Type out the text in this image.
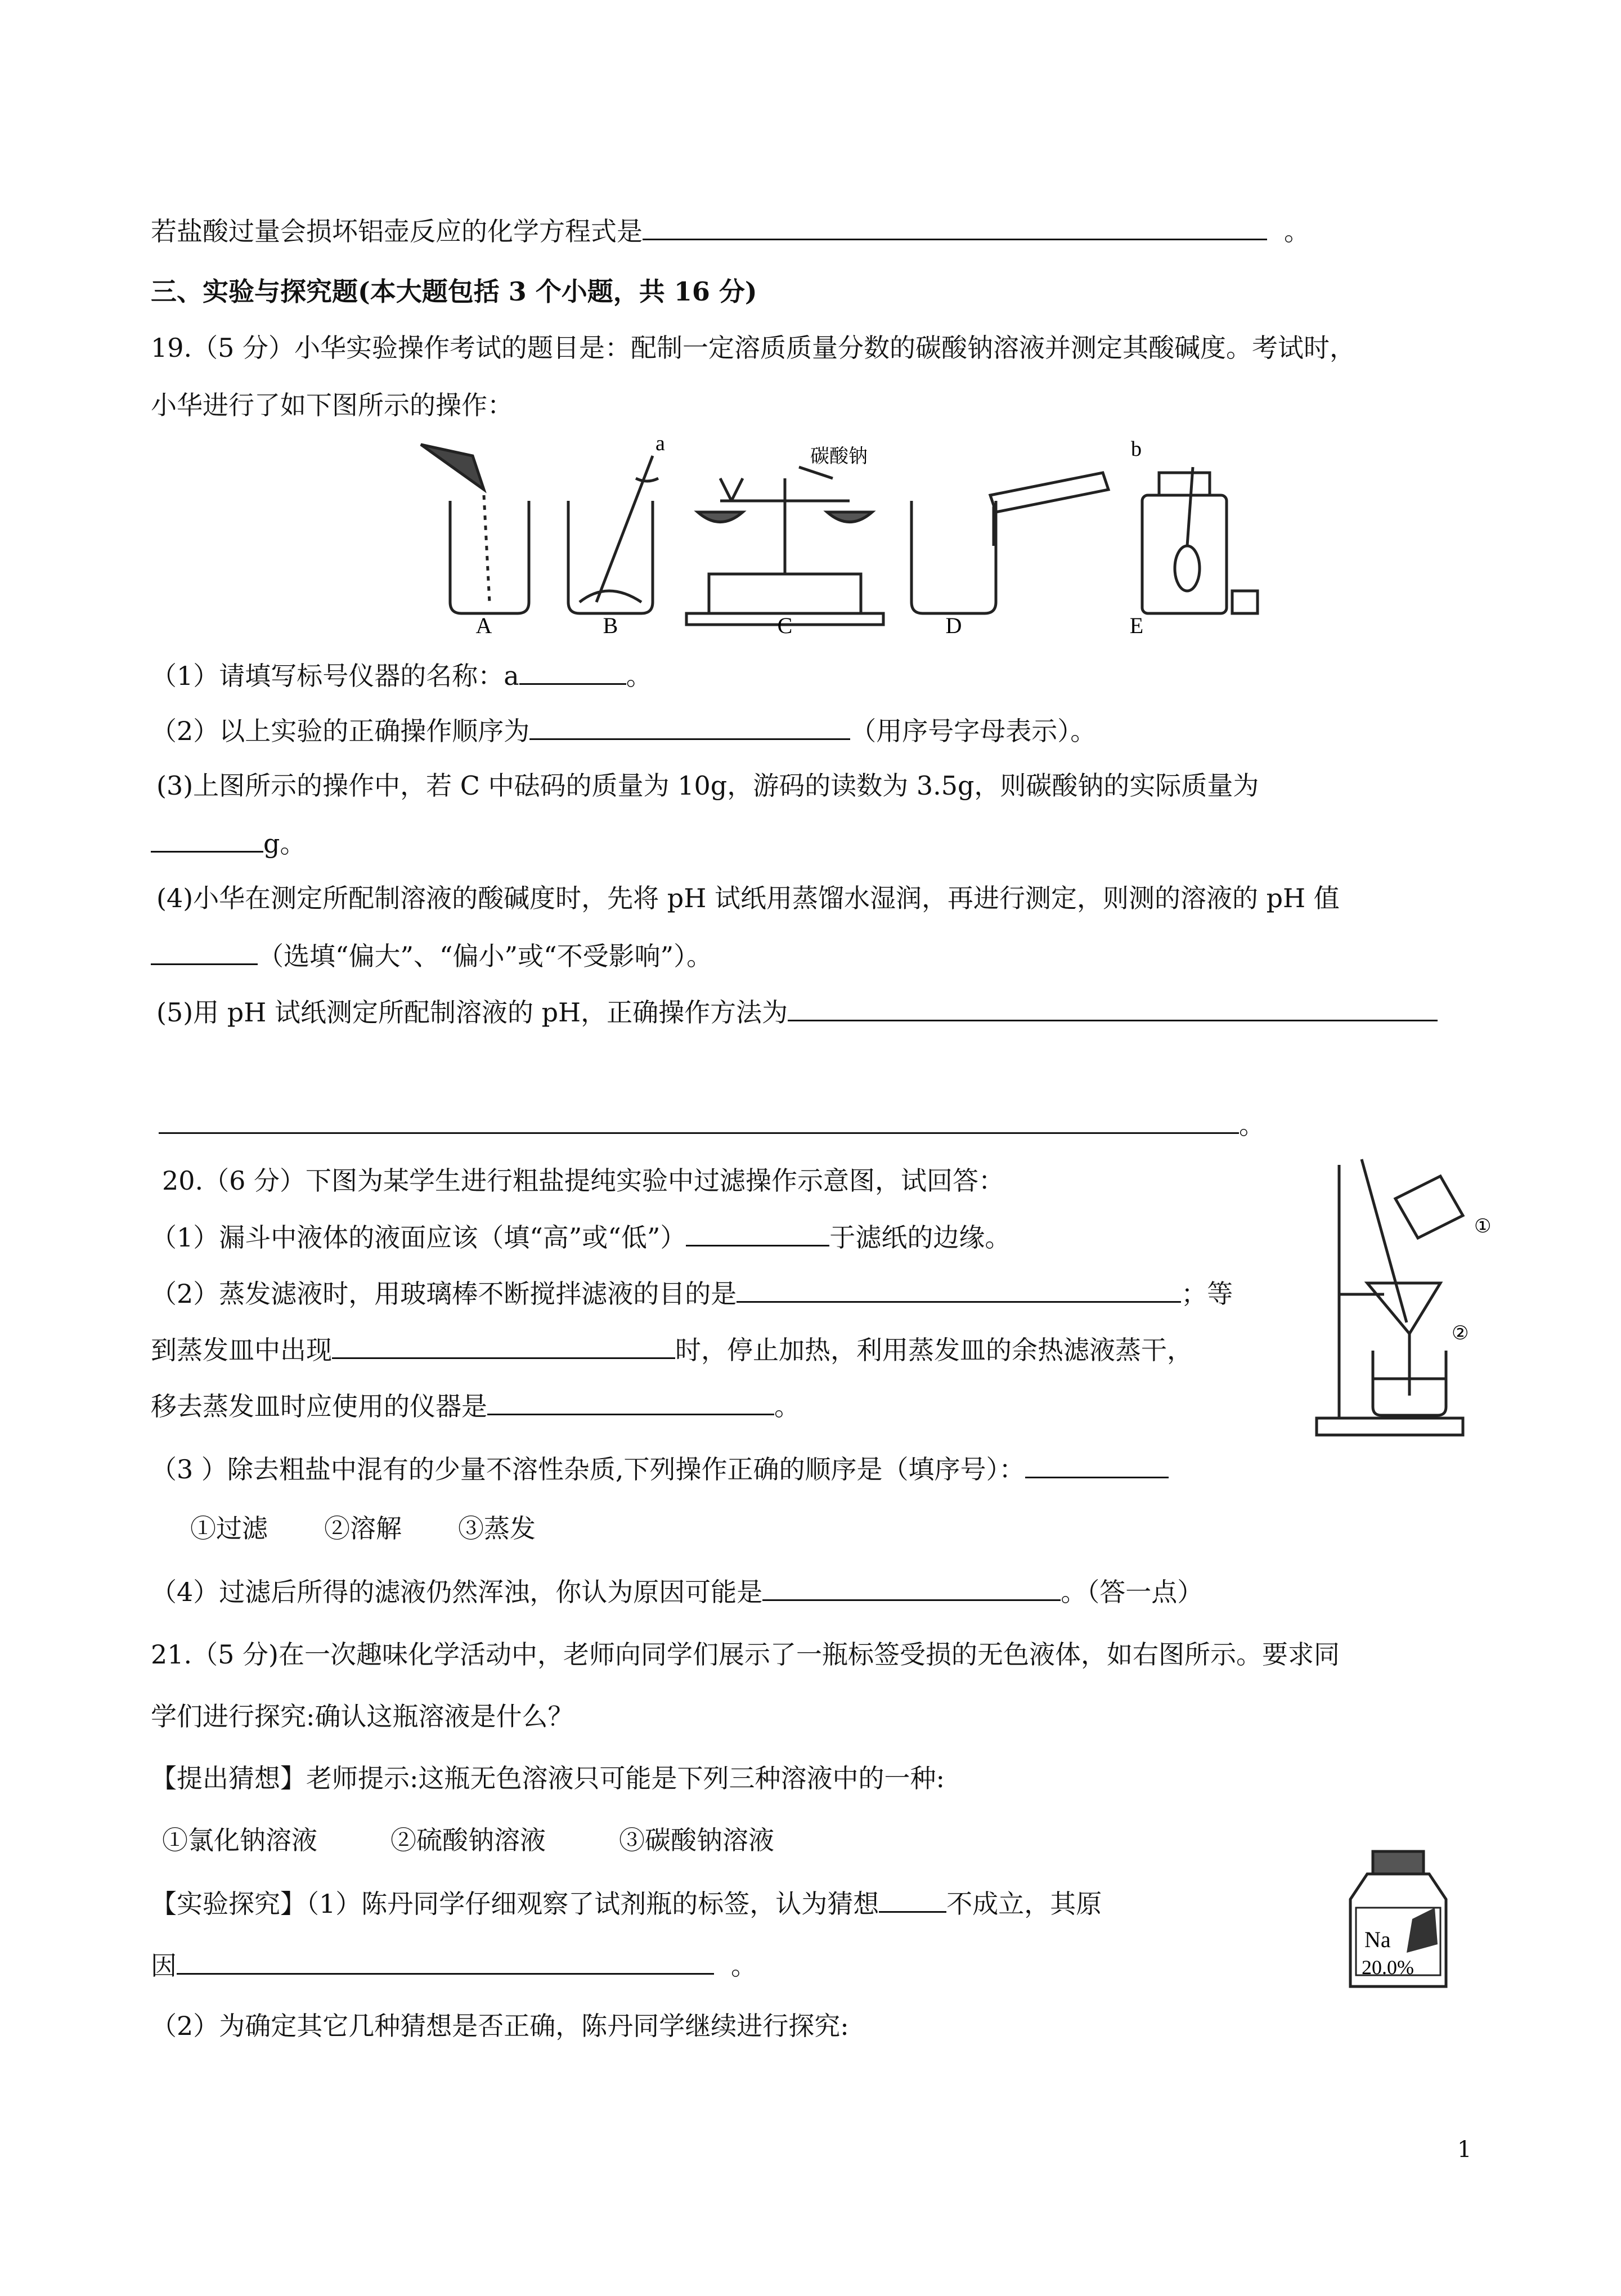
若盐酸过量会损坏铝壶反应的化学方程式是	。
三、实验与探究题(本大题包括 3 个小题，共 16 分)
19.（5 分）小华实验操作考试的题目是：配制一定溶质质量分数的碳酸钠溶液并测定其酸碱度。考试时，
小华进行了如下图所示的操作：
A	B	C	D	E
a	b
碳酸钠
（1）请填写标号仪器的名称：a	。
（2）以上实验的正确操作顺序为	（用序号字母表示）。
(3)上图所示的操作中，若 C 中砝码的质量为 10g，游码的读数为 3.5g，则碳酸钠的实际质量为
g。
(4)小华在测定所配制溶液的酸碱度时，先将 pH 试纸用蒸馏水湿润，再进行测定，则测的溶液的 pH 值
（选填“偏大”、“偏小”或“不受影响”）。
(5)用 pH 试纸测定所配制溶液的 pH，正确操作方法为
。
20.（6 分）下图为某学生进行粗盐提纯实验中过滤操作示意图，试回答：
（1）漏斗中液体的液面应该（填“高”或“低”）	于滤纸的边缘。
（2）蒸发滤液时，用玻璃棒不断搅拌滤液的目的是	；等
到蒸发皿中出现	时，停止加热，利用蒸发皿的余热滤液蒸干，
移去蒸发皿时应使用的仪器是	。
①
②
（3 ）除去粗盐中混有的少量不溶性杂质,下列操作正确的顺序是（填序号）：
①过滤 ②溶解 ③蒸发
（4）过滤后所得的滤液仍然浑浊，你认为原因可能是	。（答一点）
21.（5 分)在一次趣味化学活动中，老师向同学们展示了一瓶标签受损的无色液体，如右图所示。要求同
学们进行探究:确认这瓶溶液是什么？
【提出猜想】老师提示:这瓶无色溶液只可能是下列三种溶液中的一种:
①氯化钠溶液	②硫酸钠溶液	③碳酸钠溶液
【实验探究】（1）陈丹同学仔细观察了试剂瓶的标签，认为猜想	不成立，其原
因	。
Na
20.0%
（2）为确定其它几种猜想是否正确，陈丹同学继续进行探究:
1
